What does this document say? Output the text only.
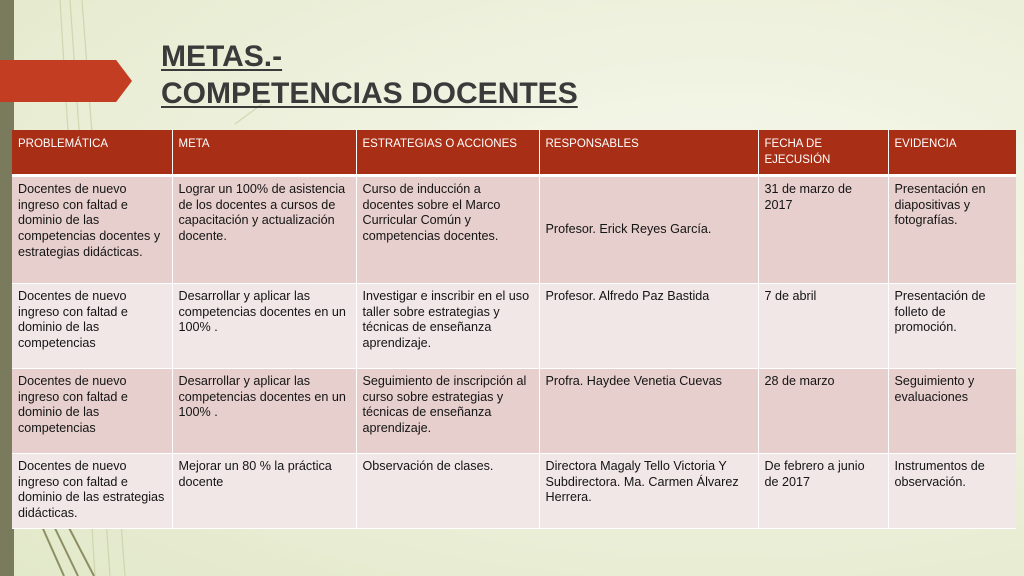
METAS.-
COMPETENCIAS DOCENTES
PROBLEMÁTICA	META	ESTRATEGIAS O ACCIONES	RESPONSABLES	FECHA DE EJECUSIÓN	EVIDENCIA
Docentes de nuevo ingreso con faltad e dominio de las competencias docentes y estrategias didácticas.	Lograr un 100% de asistencia de los docentes a cursos de capacitación y actualización docente.	Curso de inducción a docentes sobre el Marco Curricular Común y competencias docentes.	Profesor. Erick Reyes García.	31 de marzo de 2017	Presentación en diapositivas y fotografías.
Docentes de nuevo ingreso con faltad e dominio de las competencias	Desarrollar y aplicar las competencias docentes en un 100% .	Investigar e inscribir en el uso taller sobre estrategias y técnicas de enseñanza aprendizaje.	Profesor. Alfredo Paz Bastida	7 de abril	Presentación de folleto de promoción.
Docentes de nuevo ingreso con faltad e dominio de las competencias	Desarrollar y aplicar las competencias docentes en un 100% .	Seguimiento de inscripción al curso sobre estrategias y técnicas de enseñanza aprendizaje.	Profra. Haydee Venetia Cuevas	28 de marzo	Seguimiento y evaluaciones
Docentes de nuevo ingreso con faltad e dominio de las estrategias didácticas.	Mejorar un 80 % la práctica docente	Observación de clases.	Directora Magaly Tello Victoria Y Subdirectora. Ma. Carmen Álvarez Herrera.	De febrero a junio de 2017	Instrumentos de observación.
